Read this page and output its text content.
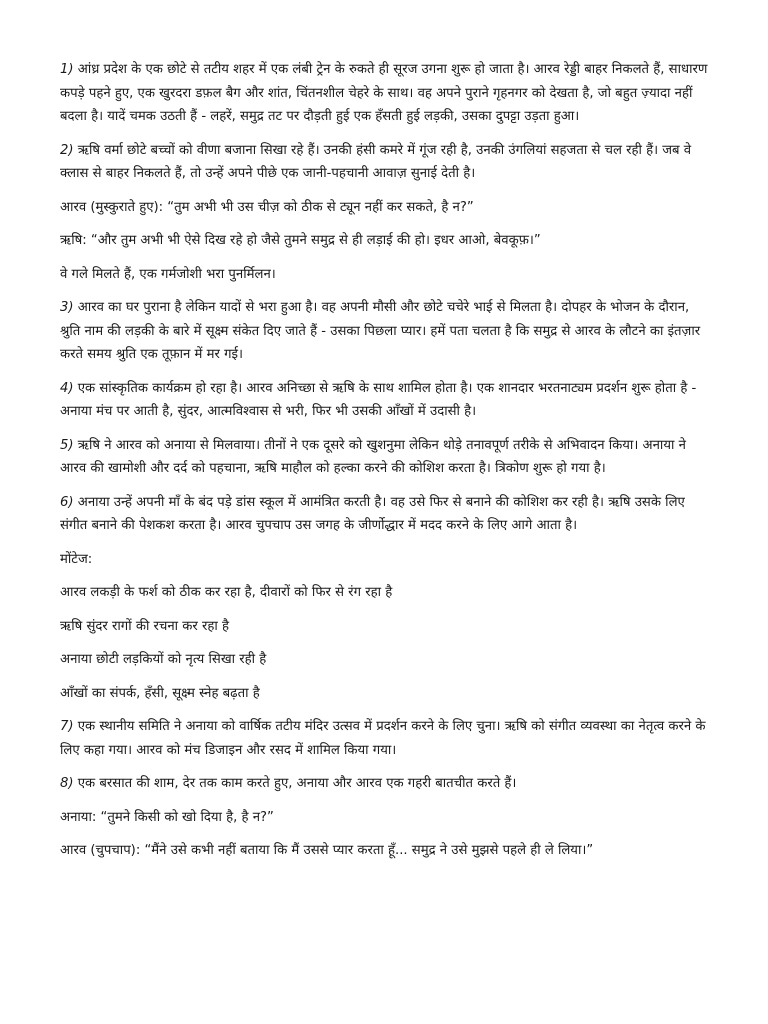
1) आंध्र प्रदेश के एक छोटे से तटीय शहर में एक लंबी ट्रेन के रुकते ही सूरज उगना शुरू हो जाता है। आरव रेड्डी बाहर निकलते हैं, साधारण कपड़े पहने हुए, एक खुरदरा डफ़ल बैग और शांत, चिंतनशील चेहरे के साथ। वह अपने पुराने गृहनगर को देखता है, जो बहुत ज़्यादा नहीं बदला है। यादें चमक उठती हैं - लहरें, समुद्र तट पर दौड़ती हुई एक हँसती हुई लड़की, उसका दुपट्टा उड़ता हुआ।

2) ऋषि वर्मा छोटे बच्चों को वीणा बजाना सिखा रहे हैं। उनकी हंसी कमरे में गूंज रही है, उनकी उंगलियां सहजता से चल रही हैं। जब वे क्लास से बाहर निकलते हैं, तो उन्हें अपने पीछे एक जानी-पहचानी आवाज़ सुनाई देती है।

आरव (मुस्कुराते हुए): “तुम अभी भी उस चीज़ को ठीक से ट्यून नहीं कर सकते, है न?”

ऋषि: “और तुम अभी भी ऐसे दिख रहे हो जैसे तुमने समुद्र से ही लड़ाई की हो। इधर आओ, बेवकूफ़।”

वे गले मिलते हैं, एक गर्मजोशी भरा पुनर्मिलन।

3) आरव का घर पुराना है लेकिन यादों से भरा हुआ है। वह अपनी मौसी और छोटे चचेरे भाई से मिलता है। दोपहर के भोजन के दौरान, श्रुति नाम की लड़की के बारे में सूक्ष्म संकेत दिए जाते हैं - उसका पिछला प्यार। हमें पता चलता है कि समुद्र से आरव के लौटने का इंतज़ार करते समय श्रुति एक तूफ़ान में मर गई।

4) एक सांस्कृतिक कार्यक्रम हो रहा है। आरव अनिच्छा से ऋषि के साथ शामिल होता है। एक शानदार भरतनाट्यम प्रदर्शन शुरू होता है - अनाया मंच पर आती है, सुंदर, आत्मविश्वास से भरी, फिर भी उसकी आँखों में उदासी है।

5) ऋषि ने आरव को अनाया से मिलवाया। तीनों ने एक दूसरे को खुशनुमा लेकिन थोड़े तनावपूर्ण तरीके से अभिवादन किया। अनाया ने आरव की खामोशी और दर्द को पहचाना, ऋषि माहौल को हल्का करने की कोशिश करता है। त्रिकोण शुरू हो गया है।

6) अनाया उन्हें अपनी माँ के बंद पड़े डांस स्कूल में आमंत्रित करती है। वह उसे फिर से बनाने की कोशिश कर रही है। ऋषि उसके लिए संगीत बनाने की पेशकश करता है। आरव चुपचाप उस जगह के जीर्णोद्धार में मदद करने के लिए आगे आता है।

मोंटेज:

आरव लकड़ी के फर्श को ठीक कर रहा है, दीवारों को फिर से रंग रहा है

ऋषि सुंदर रागों की रचना कर रहा है

अनाया छोटी लड़कियों को नृत्य सिखा रही है

आँखों का संपर्क, हँसी, सूक्ष्म स्नेह बढ़ता है

7) एक स्थानीय समिति ने अनाया को वार्षिक तटीय मंदिर उत्सव में प्रदर्शन करने के लिए चुना। ऋषि को संगीत व्यवस्था का नेतृत्व करने के लिए कहा गया। आरव को मंच डिजाइन और रसद में शामिल किया गया।

8) एक बरसात की शाम, देर तक काम करते हुए, अनाया और आरव एक गहरी बातचीत करते हैं।

अनाया: “तुमने किसी को खो दिया है, है न?”

आरव (चुपचाप): “मैंने उसे कभी नहीं बताया कि मैं उससे प्यार करता हूँ... समुद्र ने उसे मुझसे पहले ही ले लिया।”
